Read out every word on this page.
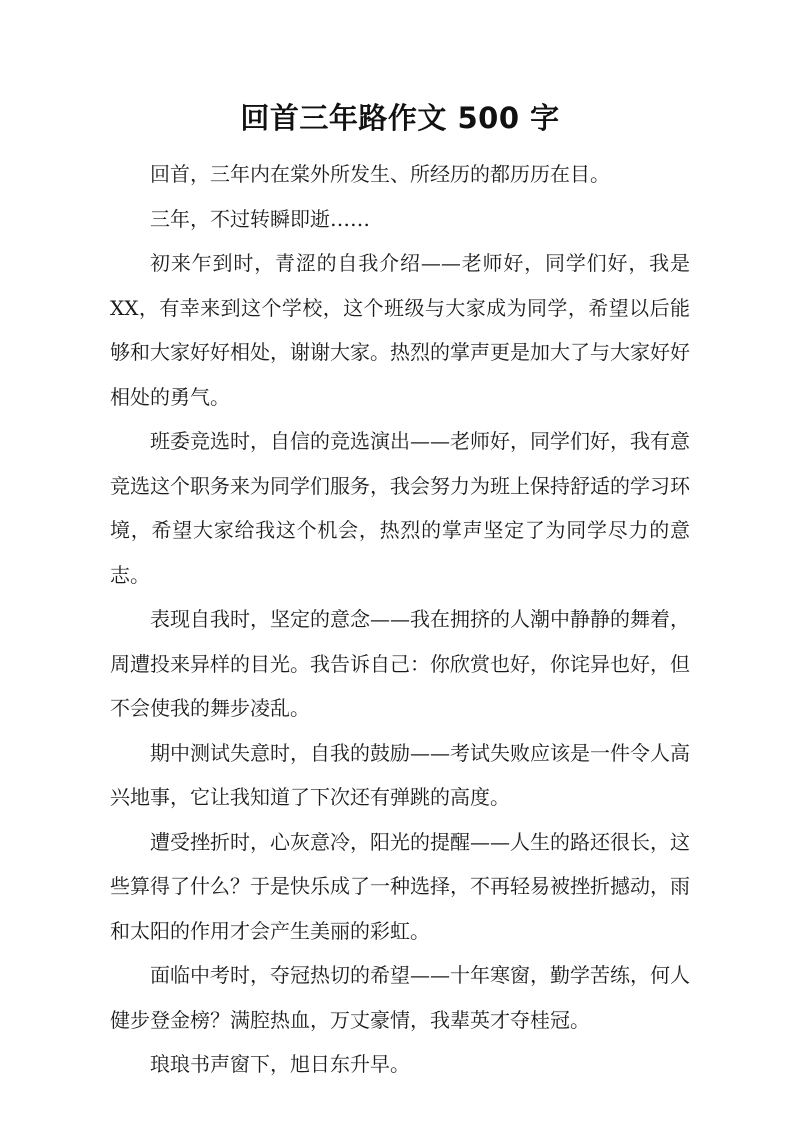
回首三年路作文 500 字

回首，三年内在棠外所发生、所经历的都历历在目。

三年，不过转瞬即逝……

初来乍到时，青涩的自我介绍——老师好，同学们好，我是 XX，有幸来到这个学校，这个班级与大家成为同学，希望以后能够和大家好好相处，谢谢大家。热烈的掌声更是加大了与大家好好相处的勇气。

班委竞选时，自信的竞选演出——老师好，同学们好，我有意竞选这个职务来为同学们服务，我会努力为班上保持舒适的学习环境，希望大家给我这个机会，热烈的掌声坚定了为同学尽力的意志。

表现自我时，坚定的意念——我在拥挤的人潮中静静的舞着，周遭投来异样的目光。我告诉自己：你欣赏也好，你诧异也好，但不会使我的舞步凌乱。

期中测试失意时，自我的鼓励——考试失败应该是一件令人高兴地事，它让我知道了下次还有弹跳的高度。

遭受挫折时，心灰意冷，阳光的提醒——人生的路还很长，这些算得了什么？于是快乐成了一种选择，不再轻易被挫折撼动，雨和太阳的作用才会产生美丽的彩虹。

面临中考时，夺冠热切的希望——十年寒窗，勤学苦练，何人健步登金榜？满腔热血，万丈豪情，我辈英才夺桂冠。

琅琅书声窗下，旭日东升早。
